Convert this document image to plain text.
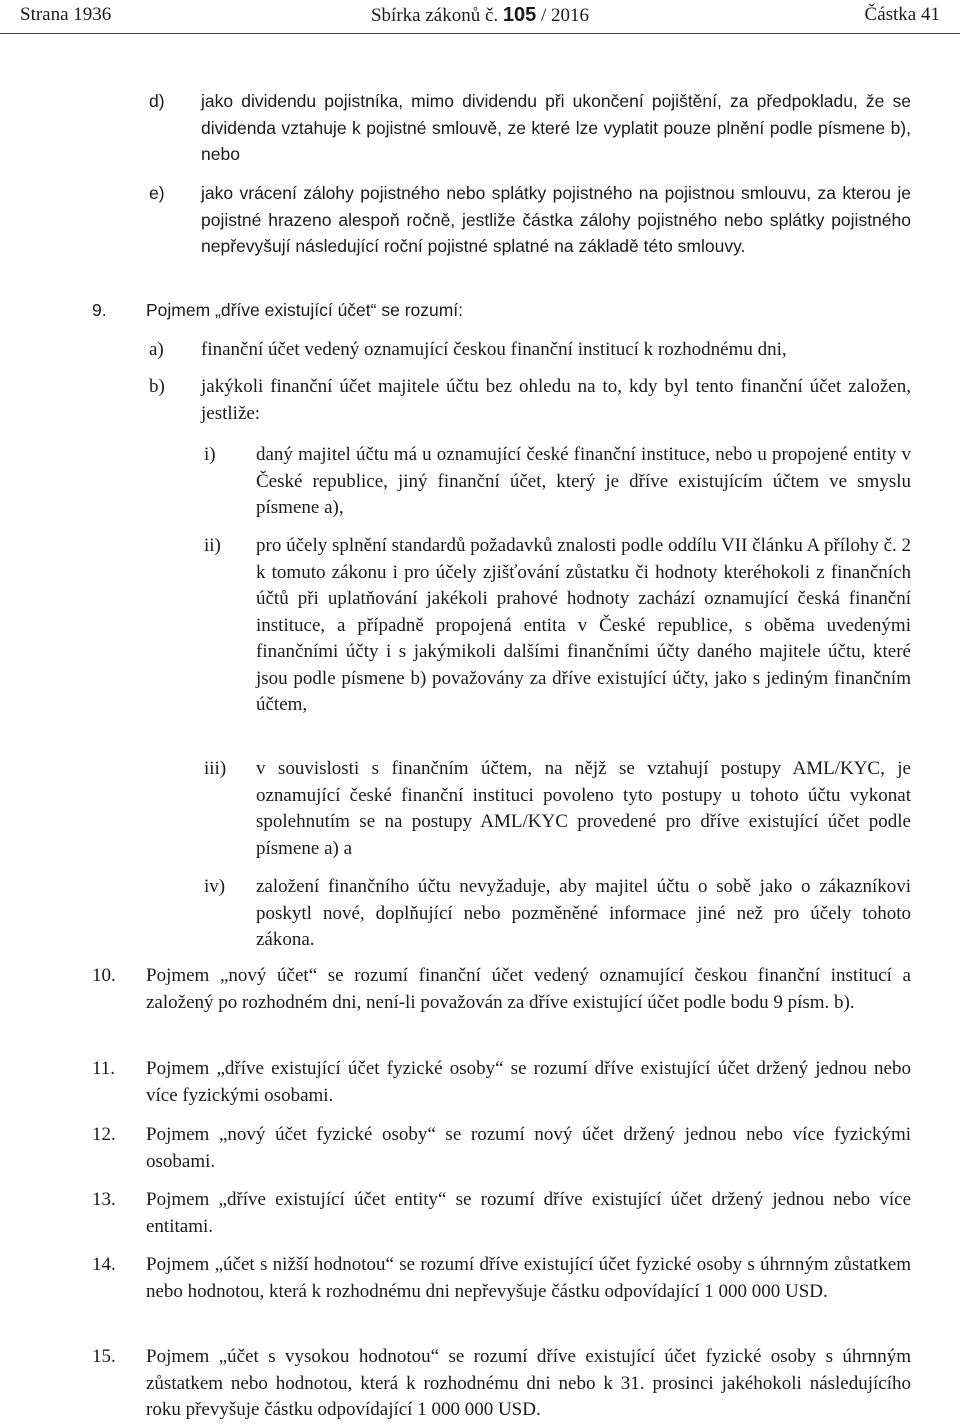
Strana 1936	Sbírka zákonů č. 105 / 2016	Částka 41
d) jako dividendu pojistníka, mimo dividendu při ukončení pojištění, za předpokladu, že se dividenda vztahuje k pojistné smlouvě, ze které lze vyplatit pouze plnění podle písmene b), nebo
e) jako vrácení zálohy pojistného nebo splátky pojistného na pojistnou smlouvu, za kterou je pojistné hrazeno alespoň ročně, jestliže částka zálohy pojistného nebo splátky pojistného nepřevyšují následující roční pojistné splatné na základě této smlouvy.
9. Pojmem „dříve existující účet“ se rozumí:
a) finanční účet vedený oznamující českou finanční institucí k rozhodnému dni,
b) jakýkoli finanční účet majitele účtu bez ohledu na to, kdy byl tento finanční účet založen, jestliže:
i) daný majitel účtu má u oznamující české finanční instituce, nebo u propojené entity v České republice, jiný finanční účet, který je dříve existujícím účtem ve smyslu písmene a),
ii) pro účely splnění standardů požadavků znalosti podle oddílu VII článku A přílohy č. 2 k tomuto zákonu i pro účely zjišťování zůstatku či hodnoty kteréhokoli z finančních účtů při uplatňování jakékoli prahové hodnoty zachází oznamující česká finanční instituce, a případně propojená entita v České republice, s oběma uvedenými finančními účty i s jakýmikoli dalšími finančními účty daného majitele účtu, které jsou podle písmene b) považovány za dříve existující účty, jako s jediným finančním účtem,
iii) v souvislosti s finančním účtem, na nějž se vztahují postupy AML/KYC, je oznamující české finanční instituci povoleno tyto postupy u tohoto účtu vykonat spolehnutím se na postupy AML/KYC provedené pro dříve existující účet podle písmene a) a
iv) založení finančního účtu nevyžaduje, aby majitel účtu o sobě jako o zákazníkovi poskytl nové, doplňující nebo pozměněné informace jiné než pro účely tohoto zákona.
10. Pojmem „nový účet“ se rozumí finanční účet vedený oznamující českou finanční institucí a založený po rozhodném dni, není-li považován za dříve existující účet podle bodu 9 písm. b).
11. Pojmem „dříve existující účet fyzické osoby“ se rozumí dříve existující účet držený jednou nebo více fyzickými osobami.
12. Pojmem „nový účet fyzické osoby“ se rozumí nový účet držený jednou nebo více fyzickými osobami.
13. Pojmem „dříve existující účet entity“ se rozumí dříve existující účet držený jednou nebo více entitami.
14. Pojmem „účet s nižší hodnotou“ se rozumí dříve existující účet fyzické osoby s úhrnným zůstatkem nebo hodnotou, která k rozhodnému dni nepřevyšuje částku odpovídající 1 000 000 USD.
15. Pojmem „účet s vysokou hodnotou“ se rozumí dříve existující účet fyzické osoby s úhrnným zůstatkem nebo hodnotou, která k rozhodnému dni nebo k 31. prosinci jakéhokoli následujícího roku převyšuje částku odpovídající 1 000 000 USD.
